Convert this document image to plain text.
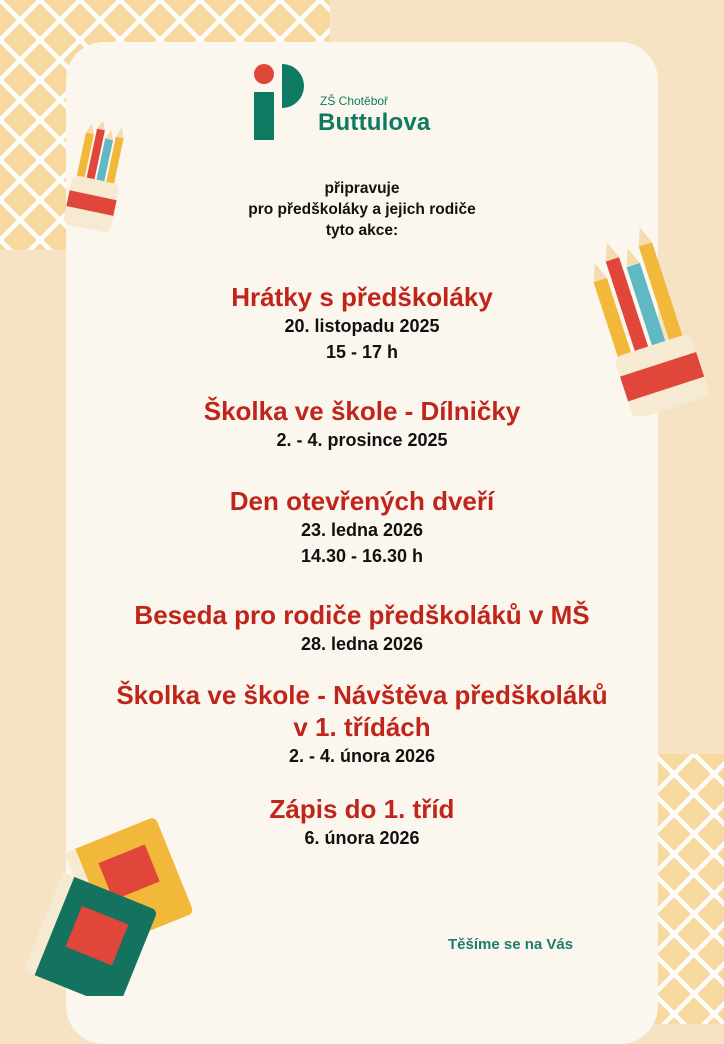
ZŠ Chotěboř
Buttulova
připravuje
pro předškoláky a jejich rodiče
tyto akce:
Hrátky s předškoláky
20. listopadu 2025
15 - 17 h
Školka ve škole - Dílničky
2. - 4. prosince 2025
Den otevřených dveří
23. ledna 2026
14.30 - 16.30 h
Beseda pro rodiče předškoláků v MŠ
28. ledna 2026
Školka ve škole - Návštěva předškoláků
v 1. třídách
2. - 4. února 2026
Zápis do 1. tříd
6. února 2026
Těšíme se na Vás
